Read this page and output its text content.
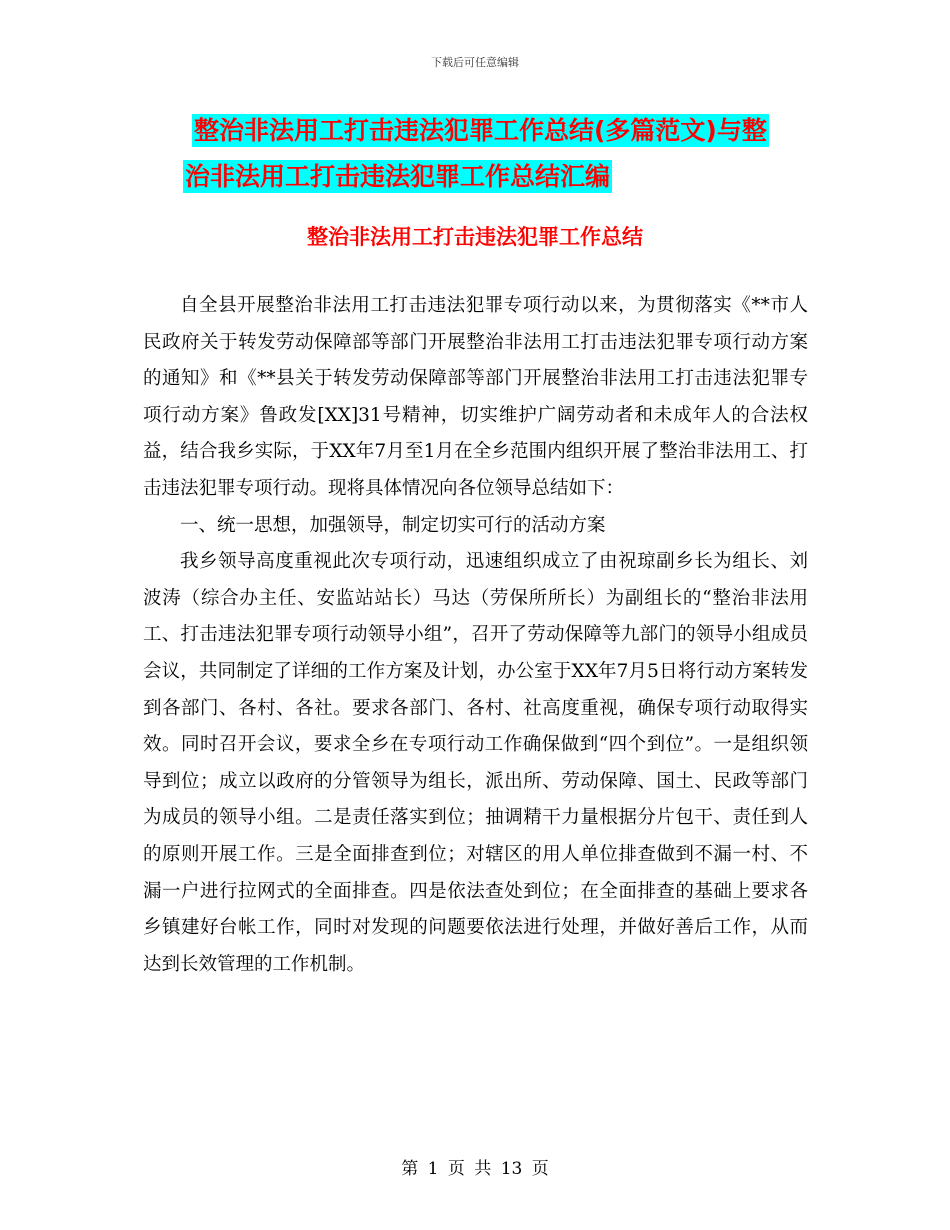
下载后可任意编辑
整治非法用工打击违法犯罪工作总结(多篇范文)与整
治非法用工打击违法犯罪工作总结汇编
整治非法用工打击违法犯罪工作总结

自全县开展整治非法用工打击违法犯罪专项行动以来，为贯彻落实《**市人民政府关于转发劳动保障部等部门开展整治非法用工打击违法犯罪专项行动方案的通知》和《**县关于转发劳动保障部等部门开展整治非法用工打击违法犯罪专项行动方案》鲁政发[XX]31号精神，切实维护广阔劳动者和未成年人的合法权益，结合我乡实际，于XX年7月至1月在全乡范围内组织开展了整治非法用工、打击违法犯罪专项行动。现将具体情况向各位领导总结如下：

一、统一思想，加强领导，制定切实可行的活动方案

我乡领导高度重视此次专项行动，迅速组织成立了由祝琼副乡长为组长、刘波涛（综合办主任、安监站站长）马达（劳保所所长）为副组长的“整治非法用工、打击违法犯罪专项行动领导小组”，召开了劳动保障等九部门的领导小组成员会议，共同制定了详细的工作方案及计划，办公室于XX年7月5日将行动方案转发到各部门、各村、各社。要求各部门、各村、社高度重视，确保专项行动取得实效。同时召开会议，要求全乡在专项行动工作确保做到“四个到位”。一是组织领导到位；成立以政府的分管领导为组长，派出所、劳动保障、国土、民政等部门为成员的领导小组。二是责任落实到位；抽调精干力量根据分片包干、责任到人的原则开展工作。三是全面排查到位；对辖区的用人单位排查做到不漏一村、不漏一户进行拉网式的全面排查。四是依法查处到位；在全面排查的基础上要求各乡镇建好台帐工作，同时对发现的问题要依法进行处理，并做好善后工作，从而达到长效管理的工作机制。

第 1 页 共 13 页
